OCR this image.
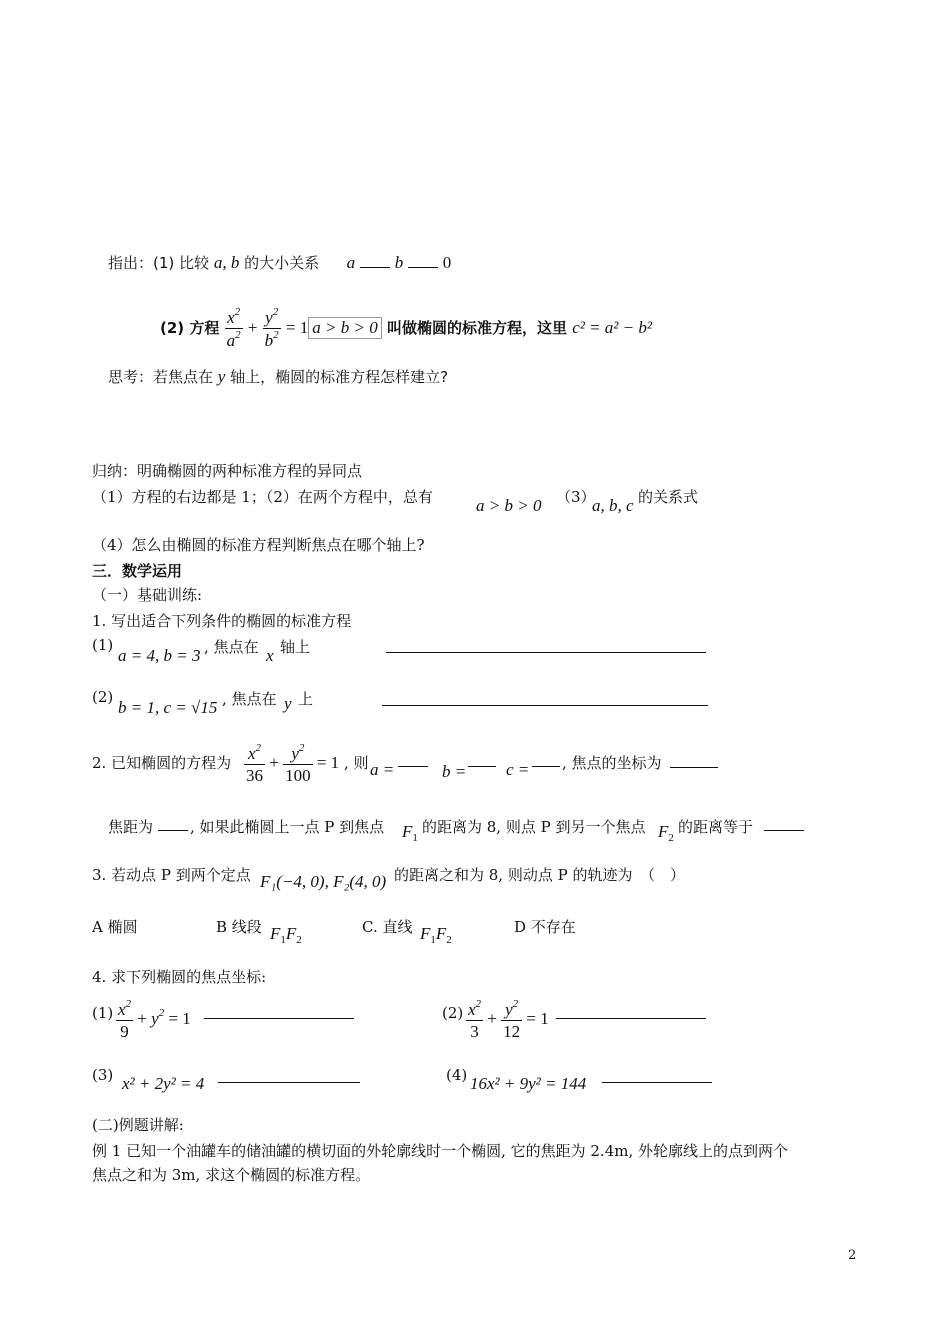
指出：(1) 比较 a, b 的大小关系 a b 0
(2) 方程 $\frac{x^2}{a^2} + \frac{y^2}{b^2} = 1$ a > b > 0 叫做椭圆的标准方程，这里 c² = a² − b²
思考：若焦点在 y 轴上，椭圆的标准方程怎样建立?
归纳：明确椭圆的两种标准方程的异同点
（1）方程的右边都是 1；（2）在两个方程中，总有	a > b > 0 （3）
a, b, c 的关系式
（4）怎么由椭圆的标准方程判断焦点在哪个轴上?
三．数学运用
（一）基础训练:
1. 写出适合下列条件的椭圆的标准方程
(1)
a = 4, b = 3 , 焦点在 x 轴上
(2)
b = 1, c = √15 , 焦点在 y 上
2. 已知椭圆的方程为 $\frac{x^2}{36} + \frac{y^2}{100} = 1$ , 则 a =	b = c = , 焦点的坐标为
焦距为 , 如果此椭圆上一点 P 到焦点 $F_1$
的距离为 8, 则点 P 到另一个焦点 $F_2$
的距离等于
3. 若动点 P 到两个定点 F₁(−4, 0), F₂(4, 0) 的距离之和为 8, 则动点 P 的轨迹为　（　）
A 椭圆	B 线段 $F_1F_2$
C. 直线 $F_1F_2$
D 不存在
4. 求下列椭圆的焦点坐标:
$(1) \frac{x^2}{9} + y^2 = 1$	$(2) \frac{x^2}{3} + \frac{y^2}{12} = 1$
(3) x² + 2y² = 4	(4) 16x² + 9y² = 144
(二)例题讲解:
例 1 已知一个油罐车的储油罐的横切面的外轮廓线时一个椭圆, 它的焦距为 2.4m, 外轮廓线上的点到两个
焦点之和为 3m, 求这个椭圆的标准方程。
2
